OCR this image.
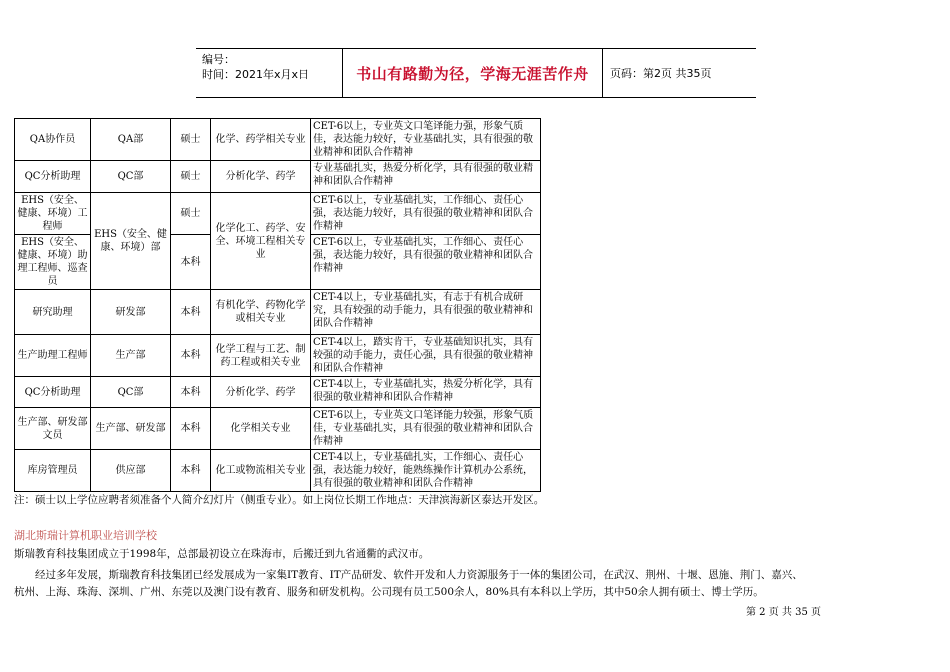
编号：
时间：2021年x月x日	书山有路勤为径，学海无涯苦作舟	页码：第2页 共35页
QA协作员	QA部	硕士	化学、药学相关专业	CET-6以上，专业英文口笔译能力强，形象气质佳，表达能力较好，专业基础扎实，具有很强的敬业精神和团队合作精神
QC分析助理	QC部	硕士	分析化学、药学	专业基础扎实，热爱分析化学，具有很强的敬业精神和团队合作精神
EHS（安全、健康、环境）工程师	EHS（安全、健康、环境）部	硕士	化学化工、药学、安全、环境工程相关专业	CET-6以上，专业基础扎实，工作细心、责任心强，表达能力较好，具有很强的敬业精神和团队合作精神
EHS（安全、健康、环境）助理工程师、巡查员		本科		CET-6以上，专业基础扎实，工作细心、责任心强，表达能力较好，具有很强的敬业精神和团队合作精神
研究助理	研发部	本科	有机化学、药物化学或相关专业	CET-4以上，专业基础扎实，有志于有机合成研究，具有较强的动手能力，具有很强的敬业精神和团队合作精神
生产助理工程师	生产部	本科	化学工程与工艺、制药工程或相关专业	CET-4以上，踏实肯干，专业基础知识扎实，具有较强的动手能力，责任心强，具有很强的敬业精神和团队合作精神
QC分析助理	QC部	本科	分析化学、药学	CET-4以上，专业基础扎实，热爱分析化学，具有很强的敬业精神和团队合作精神
生产部、研发部文员	生产部、研发部	本科	化学相关专业	CET-6以上，专业英文口笔译能力较强，形象气质佳，专业基础扎实，具有很强的敬业精神和团队合作精神
库房管理员	供应部	本科	化工或物流相关专业	CET-4以上，专业基础扎实，工作细心、责任心强，表达能力较好，能熟练操作计算机办公系统，具有很强的敬业精神和团队合作精神
注：硕士以上学位应聘者须准备个人简介幻灯片（侧重专业）。如上岗位长期工作地点：天津滨海新区泰达开发区。
湖北斯瑞计算机职业培训学校
斯瑞教育科技集团成立于1998年，总部最初设立在珠海市，后搬迁到九省通衢的武汉市。
经过多年发展，斯瑞教育科技集团已经发展成为一家集IT教育、IT产品研发、软件开发和人力资源服务于一体的集团公司，在武汉、荆州、十堰、恩施、荆门、嘉兴、
杭州、上海、珠海、深圳、广州、东莞以及澳门设有教育、服务和研发机构。公司现有员工500余人，80%具有本科以上学历，其中50余人拥有硕士、博士学历。
第 2 页 共 35 页
